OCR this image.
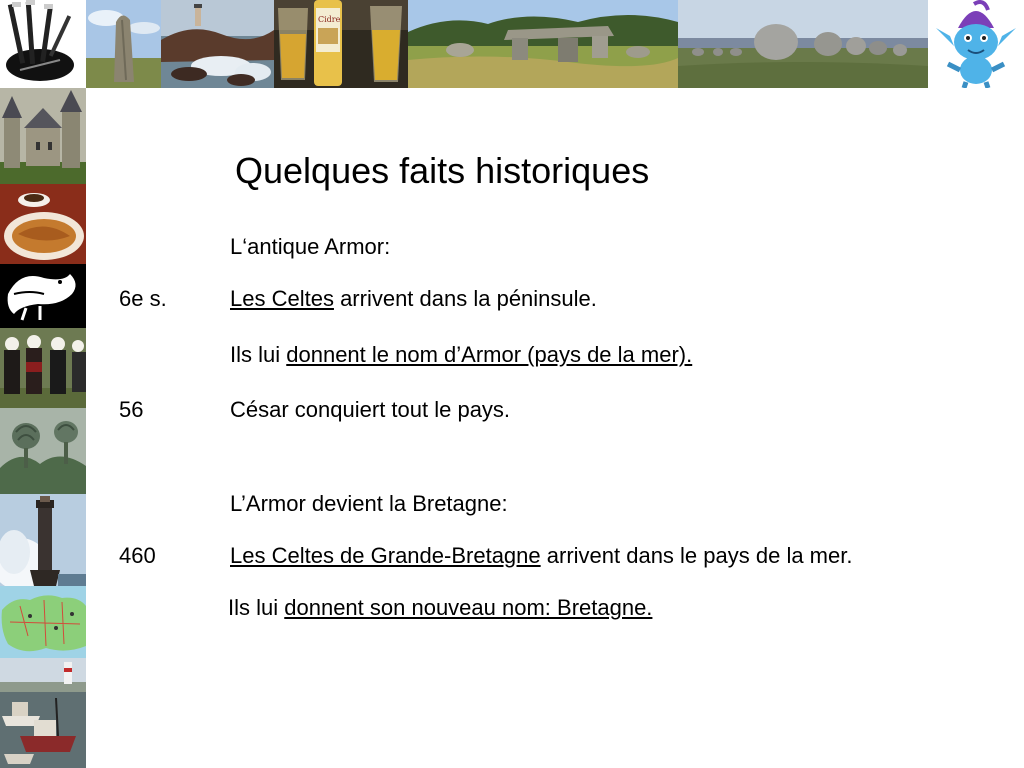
Cidre
Quelques faits historiques
L‘antique Armor:
6e s.	Les Celtes arrivent dans la péninsule.
Ils lui donnent le nom d’Armor (pays de la mer).
56	César conquiert tout le pays.
L’Armor devient la Bretagne:
460	Les Celtes de Grande-Bretagne arrivent dans le pays de la mer.
Ils lui donnent son nouveau nom: Bretagne.
